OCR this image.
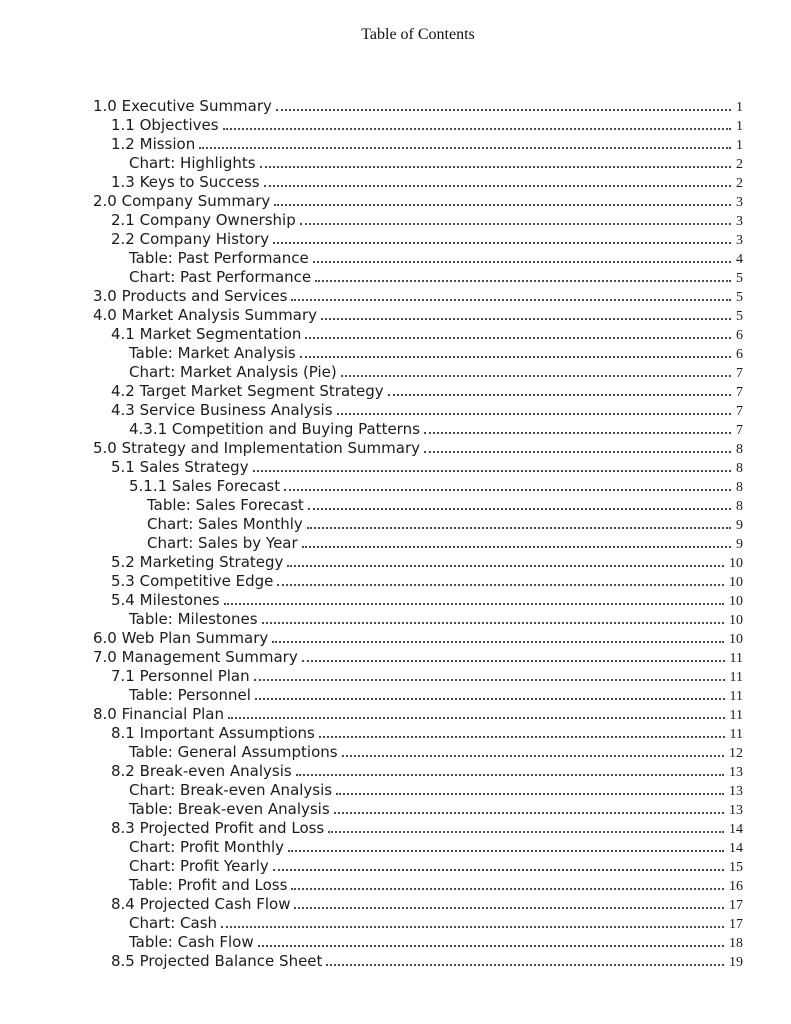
Table of Contents
1.0 Executive Summary	1
1.1 Objectives	1
1.2 Mission	1
Chart: Highlights	2
1.3 Keys to Success	2
2.0 Company Summary	3
2.1 Company Ownership	3
2.2 Company History	3
Table: Past Performance	4
Chart: Past Performance	5
3.0 Products and Services	5
4.0 Market Analysis Summary	5
4.1 Market Segmentation	6
Table: Market Analysis	6
Chart: Market Analysis (Pie)	7
4.2 Target Market Segment Strategy	7
4.3 Service Business Analysis	7
4.3.1 Competition and Buying Patterns	7
5.0 Strategy and Implementation Summary	8
5.1 Sales Strategy	8
5.1.1 Sales Forecast	8
Table: Sales Forecast	8
Chart: Sales Monthly	9
Chart: Sales by Year	9
5.2 Marketing Strategy	10
5.3 Competitive Edge	10
5.4 Milestones	10
Table: Milestones	10
6.0 Web Plan Summary	10
7.0 Management Summary	11
7.1 Personnel Plan	11
Table: Personnel	11
8.0 Financial Plan	11
8.1 Important Assumptions	11
Table: General Assumptions	12
8.2 Break-even Analysis	13
Chart: Break-even Analysis	13
Table: Break-even Analysis	13
8.3 Projected Profit and Loss	14
Chart: Profit Monthly	14
Chart: Profit Yearly	15
Table: Profit and Loss	16
8.4 Projected Cash Flow	17
Chart: Cash	17
Table: Cash Flow	18
8.5 Projected Balance Sheet	19
